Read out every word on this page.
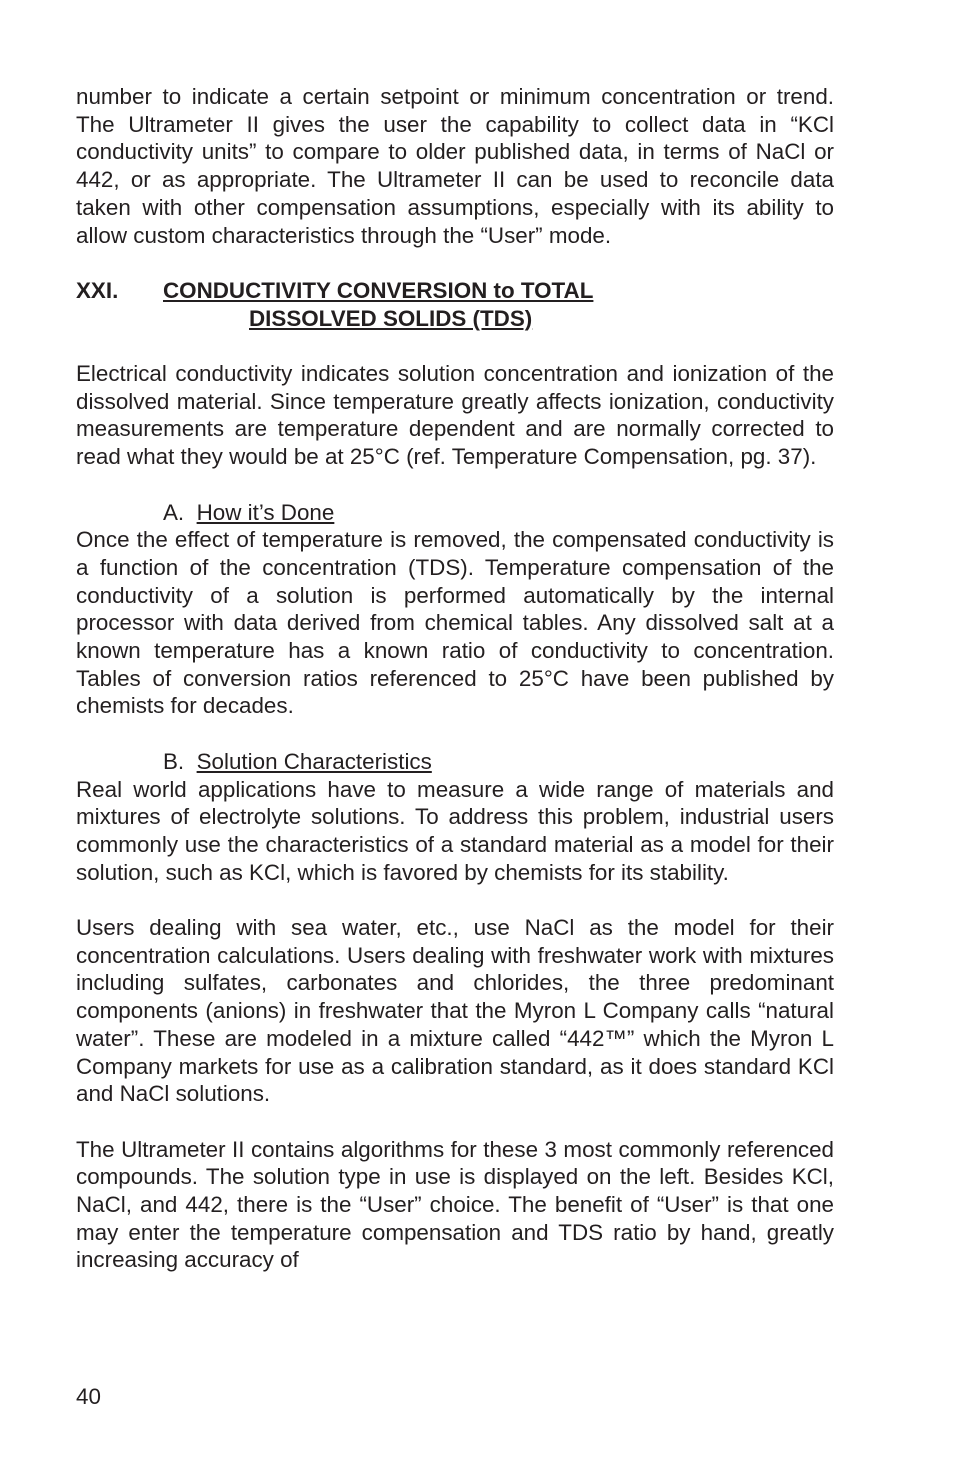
number to indicate a certain setpoint or minimum concentration or trend. The Ultrameter II gives the user the capability to collect data in “KCl conductivity units” to compare to older published data, in terms of NaCl or 442, or as appropriate. The Ultrameter II can be used to reconcile data taken with other compensation assumptions, especially with its ability to allow custom characteristics through the “User” mode.

XXI. CONDUCTIVITY CONVERSION to TOTAL
DISSOLVED SOLIDS (TDS)

Electrical conductivity indicates solution concentration and ionization of the dissolved material. Since temperature greatly affects ionization, conductivity measurements are temperature dependent and are normally corrected to read what they would be at 25°C (ref. Temperature Compensation, pg. 37).

A. How it’s Done

Once the effect of temperature is removed, the compensated conductivity is a function of the concentration (TDS). Temperature compensation of the conductivity of a solution is performed automatically by the internal processor with data derived from chemical tables. Any dissolved salt at a known temperature has a known ratio of conductivity to concentration. Tables of conversion ratios referenced to 25°C have been published by chemists for decades.

B. Solution Characteristics

Real world applications have to measure a wide range of materials and mixtures of electrolyte solutions. To address this problem, industrial users commonly use the characteristics of a standard material as a model for their solution, such as KCl, which is favored by chemists for its stability.

Users dealing with sea water, etc., use NaCl as the model for their concentration calculations. Users dealing with freshwater work with mixtures including sulfates, carbonates and chlorides, the three predominant components (anions) in freshwater that the Myron L Company calls “natural water”. These are modeled in a mixture called “442™” which the Myron L Company markets for use as a calibration standard, as it does standard KCl and NaCl solutions.

The Ultrameter II contains algorithms for these 3 most commonly referenced compounds. The solution type in use is displayed on the left. Besides KCl, NaCl, and 442, there is the “User” choice. The benefit of “User” is that one may enter the temperature compensation and TDS ratio by hand, greatly increasing accuracy of

40
